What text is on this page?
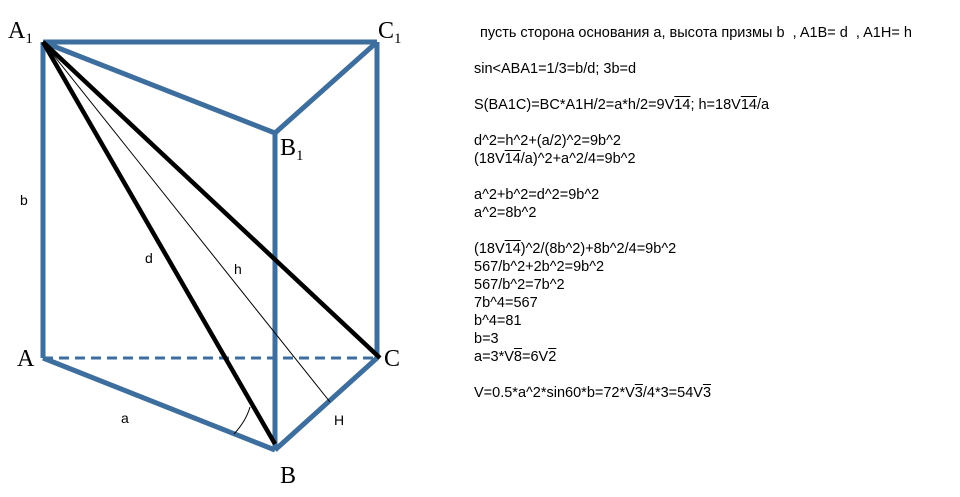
$A_1$	$C_1$
$B_1$
A
B
C
b
d
h
a	H
пусть сторона основания а, высота призмы b  , A1B= d  , A1H= h
sin<ABA1=1/3=b/d; 3b=d
S(BA1C)=BC*A1H/2=a*h/2=9V14; h=18V14/a
d^2=h^2+(a/2)^2=9b^2
(18V14/a)^2+a^2/4=9b^2
a^2+b^2=d^2=9b^2
a^2=8b^2
(18V14)^2/(8b^2)+8b^2/4=9b^2
567/b^2+2b^2=9b^2
567/b^2=7b^2
7b^4=567
b^4=81
b=3
a=3*V8=6V2
V=0.5*a^2*sin60*b=72*V3/4*3=54V3
